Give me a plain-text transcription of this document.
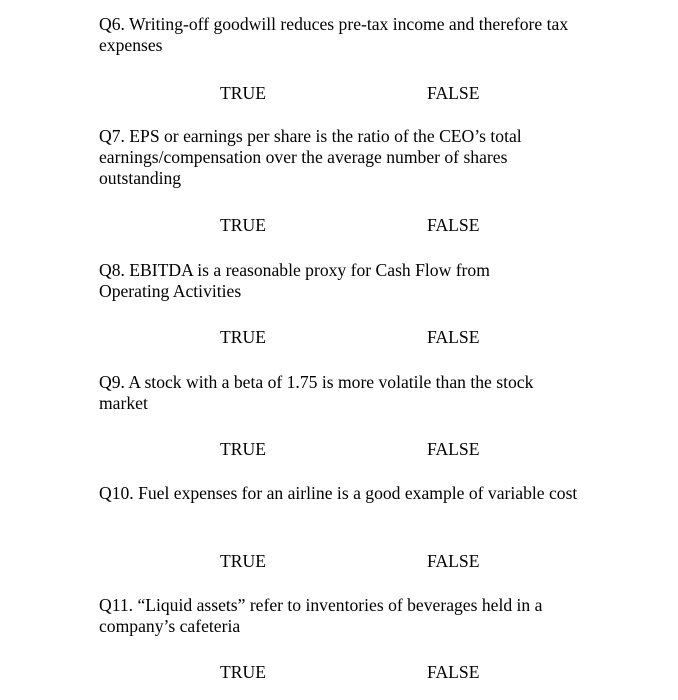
Q6. Writing-off goodwill reduces pre-tax income and therefore tax expenses

TRUE	FALSE

Q7. EPS or earnings per share is the ratio of the CEO’s total earnings/compensation over the average number of shares outstanding

TRUE	FALSE

Q8. EBITDA is a reasonable proxy for Cash Flow from Operating Activities

TRUE	FALSE

Q9. A stock with a beta of 1.75 is more volatile than the stock market

TRUE	FALSE

Q10. Fuel expenses for an airline is a good example of variable cost

TRUE	FALSE

Q11. “Liquid assets” refer to inventories of beverages held in a company’s cafeteria

TRUE	FALSE
